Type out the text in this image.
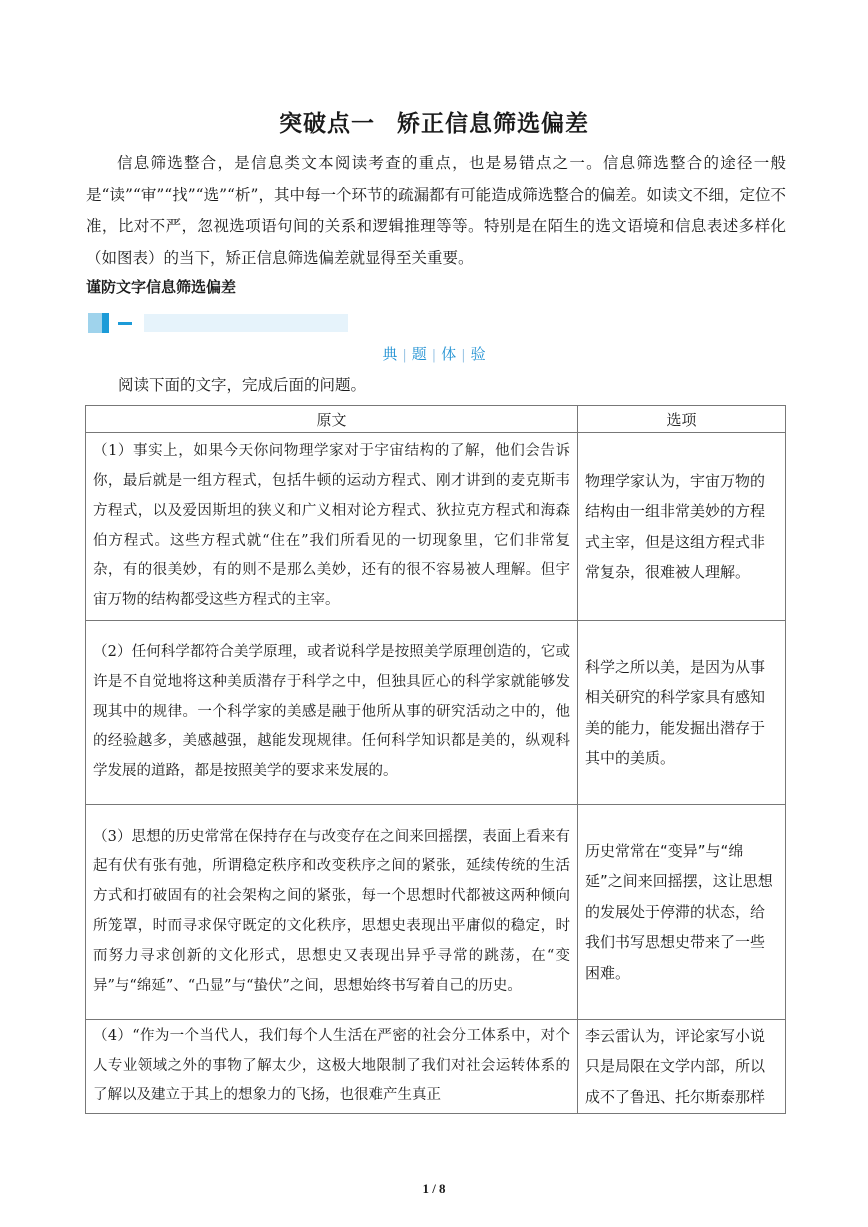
突破点一 矫正信息筛选偏差

信息筛选整合，是信息类文本阅读考查的重点，也是易错点之一。信息筛选整合的途径一般是“读”“审”“找”“选”“析”，其中每一个环节的疏漏都有可能造成筛选整合的偏差。如读文不细，定位不准，比对不严，忽视选项语句间的关系和逻辑推理等等。特别是在陌生的选文语境和信息表述多样化（如图表）的当下，矫正信息筛选偏差就显得至关重要。

谨防文字信息筛选偏差
典 | 题 | 体 | 验
阅读下面的文字，完成后面的问题。
原文	选项
（1）事实上，如果今天你问物理学家对于宇宙结构的了解，他们会告诉你，最后就是一组方程式，包括牛顿的运动方程式、刚才讲到的麦克斯韦方程式，以及爱因斯坦的狭义和广义相对论方程式、狄拉克方程式和海森伯方程式。这些方程式就“住在”我们所看见的一切现象里，它们非常复杂，有的很美妙，有的则不是那么美妙，还有的很不容易被人理解。但宇宙万物的结构都受这些方程式的主宰。	物理学家认为，宇宙万物的结构由一组非常美妙的方程式主宰，但是这组方程式非常复杂，很难被人理解。
（2）任何科学都符合美学原理，或者说科学是按照美学原理创造的，它或许是不自觉地将这种美质潜存于科学之中，但独具匠心的科学家就能够发现其中的规律。一个科学家的美感是融于他所从事的研究活动之中的，他的经验越多，美感越强，越能发现规律。任何科学知识都是美的，纵观科学发展的道路，都是按照美学的要求来发展的。	科学之所以美，是因为从事相关研究的科学家具有感知美的能力，能发掘出潜存于其中的美质。
（3）思想的历史常常在保持存在与改变存在之间来回摇摆，表面上看来有起有伏有张有弛，所谓稳定秩序和改变秩序之间的紧张，延续传统的生活方式和打破固有的社会架构之间的紧张，每一个思想时代都被这两种倾向所笼罩，时而寻求保守既定的文化秩序，思想史表现出平庸似的稳定，时而努力寻求创新的文化形式，思想史又表现出异乎寻常的跳荡，在“变异”与“绵延”、“凸显”与“蛰伏”之间，思想始终书写着自己的历史。	历史常常在“变异”与“绵延”之间来回摇摆，这让思想的发展处于停滞的状态，给我们书写思想史带来了一些困难。
（4）“作为一个当代人，我们每个人生活在严密的社会分工体系中，对个人专业领域之外的事物了解太少，这极大地限制了我们对社会运转体系的了解以及建立于其上的想象力的飞扬，也很难产生真正	李云雷认为，评论家写小说只是局限在文学内部，所以成不了鲁迅、托尔斯泰那样
1 / 8
